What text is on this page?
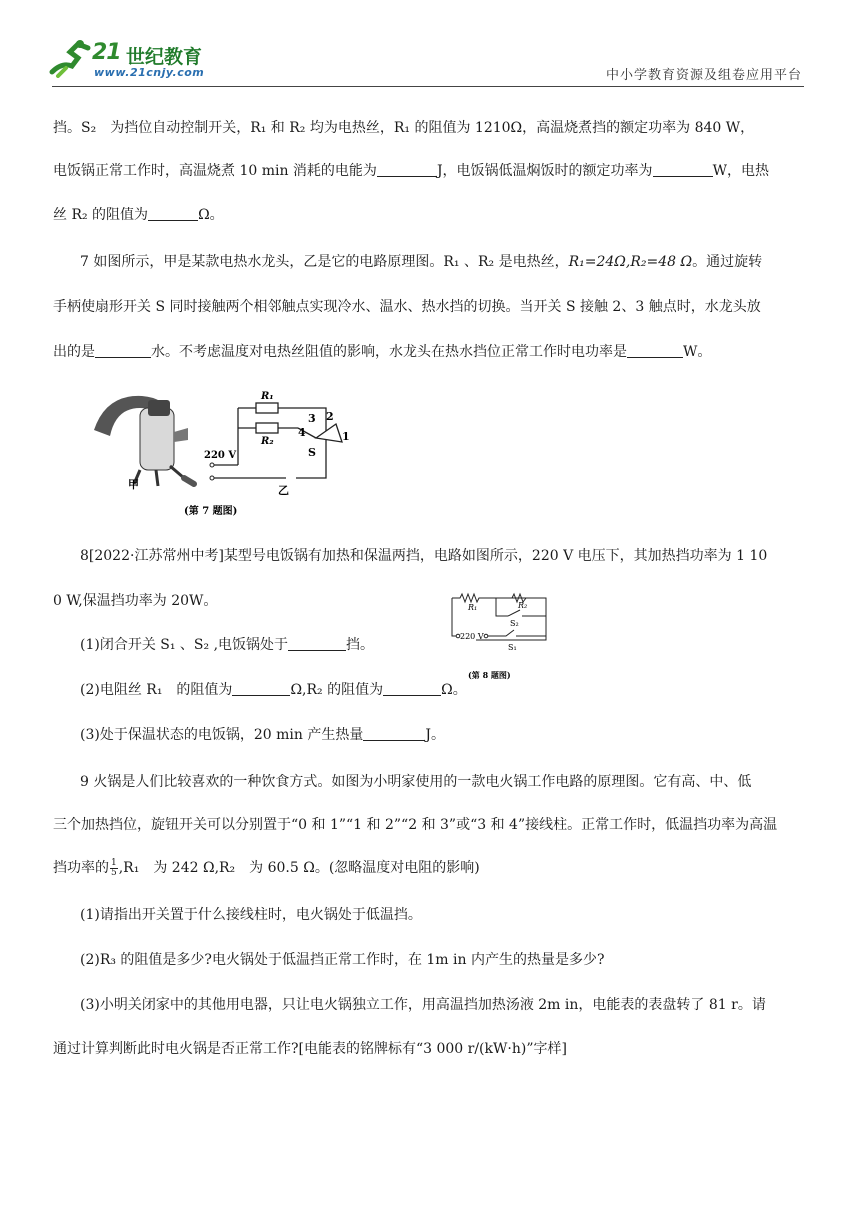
21 世纪教育
www.21cnjy.com	中小学教育资源及组卷应用平台
挡。S₂　为挡位自动控制开关，R₁ 和 R₂ 均为电热丝，R₁ 的阻值为 1210Ω，高温烧煮挡的额定功率为 840 W，
电饭锅正常工作时，高温烧煮 10 min 消耗的电能为	J，电饭锅低温焖饭时的额定功率为	W，电热
丝 R₂ 的阻值为	Ω。
7 如图所示，甲是某款电热水龙头，乙是它的电路原理图。R₁ 、R₂ 是电热丝，R₁=24Ω,R₂=48 Ω。通过旋转
手柄使扇形开关 S 同时接触两个相邻触点实现冷水、温水、热水挡的切换。当开关 S 接触 2、3 触点时，水龙头放
出的是	水。不考虑温度对电热丝阻值的影响，水龙头在热水挡位正常工作时电功率是	W。
甲
R₁
R₂
220 V
3
4
2
1
S
乙
(第 7 题图)
8[2022·江苏常州中考]某型号电饭锅有加热和保温两挡，电路如图所示，220 V 电压下，其加热挡功率为 1 10
0 W,保温挡功率为 20W。
(1)闭合开关 S₁ 、S₂ ,电饭锅处于	挡。
(2)电阻丝 R₁　的阻值为	Ω,R₂ 的阻值为	Ω。
(3)处于保温状态的电饭锅，20 min 产生热量	J。
R₁	R₂
S₂
S₁
220 V
(第 8 题图)
9 火锅是人们比较喜欢的一种饮食方式。如图为小明家使用的一款电火锅工作电路的原理图。它有高、中、低
三个加热挡位，旋钮开关可以分别置于“0 和 1”“1 和 2”“2 和 3”或“3 和 4”接线柱。正常工作时，低温挡功率为高温
挡功率的 $\frac{1}{5} ,R_1$　为 242 Ω,R₂　为 60.5 Ω。(忽略温度对电阻的影响)
(1)请指出开关置于什么接线柱时，电火锅处于低温挡。
(2)R₃ 的阻值是多少?电火锅处于低温挡正常工作时，在 1m in 内产生的热量是多少?
(3)小明关闭家中的其他用电器，只让电火锅独立工作，用高温挡加热汤液 2m in，电能表的表盘转了 81 r。请
通过计算判断此时电火锅是否正常工作?[电能表的铭牌标有“3 000 r/(kW·h)”字样]
